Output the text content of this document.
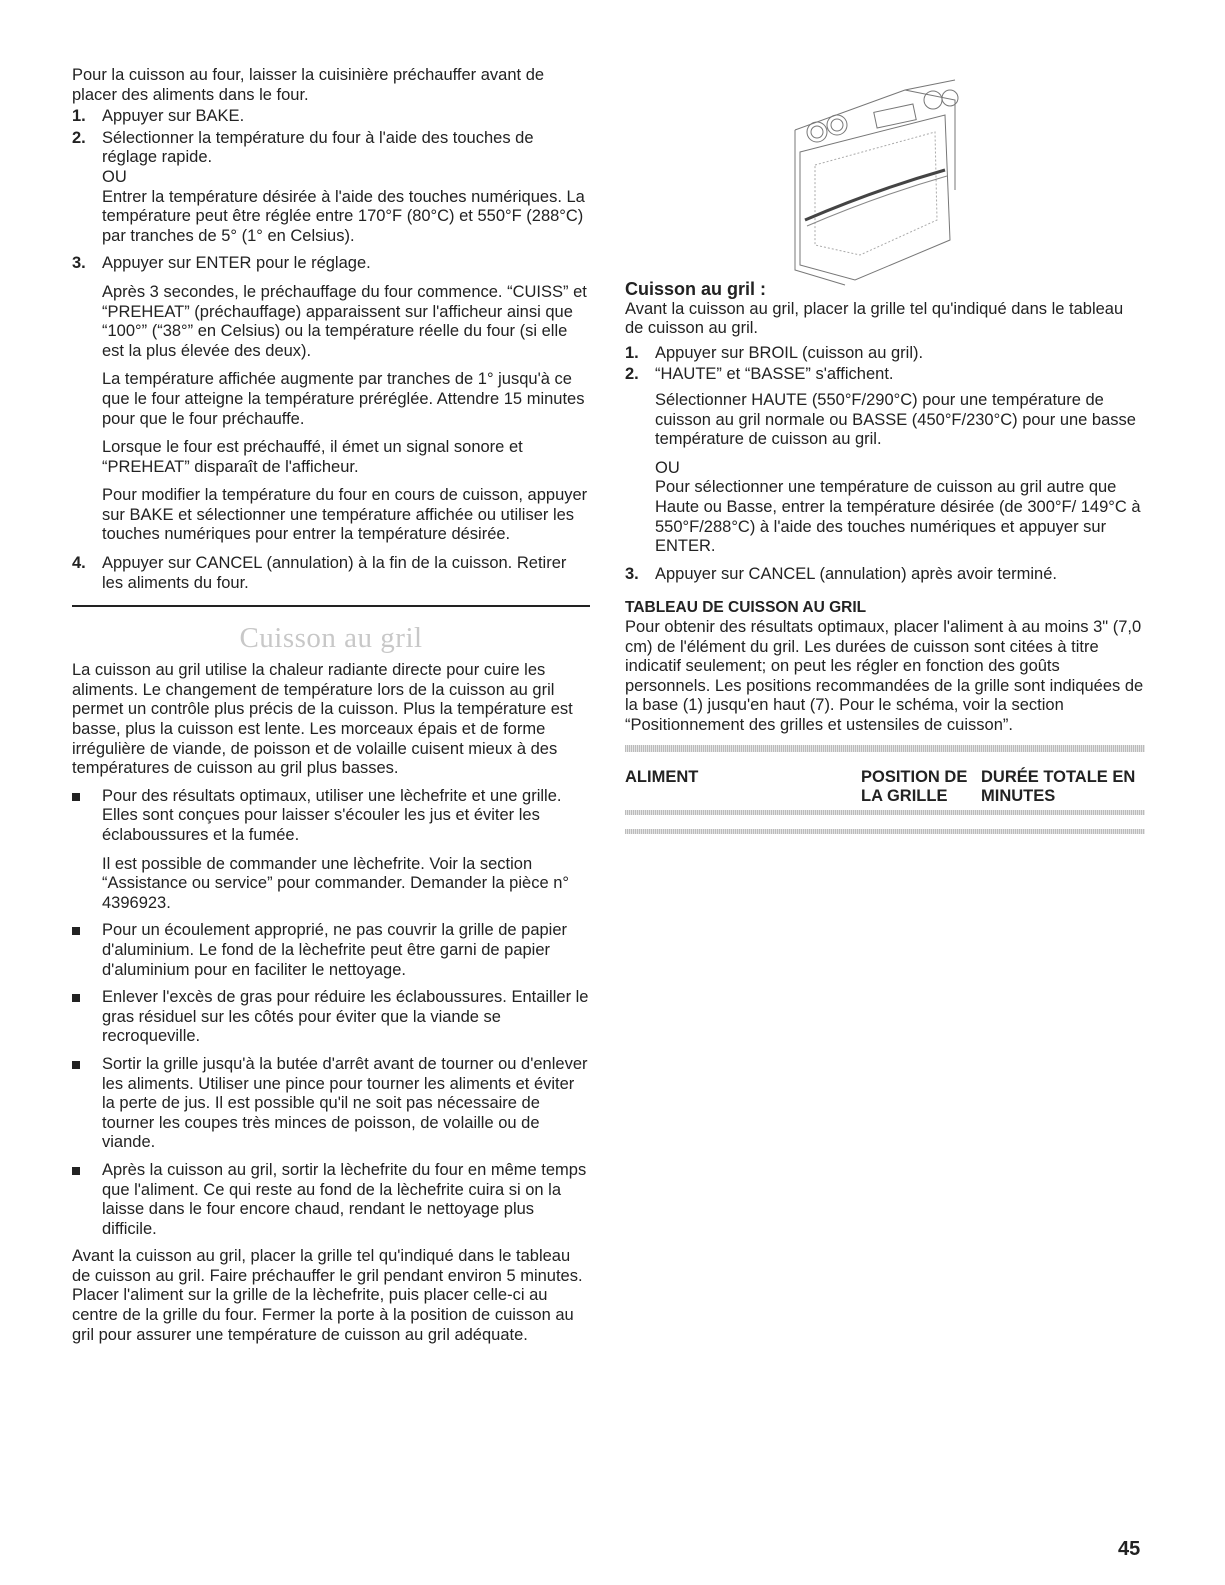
Pour la cuisson au four, laisser la cuisinière préchauffer avant de placer des aliments dans le four.

1. Appuyer sur BAKE.
2. Sélectionner la température du four à l'aide des touches de réglage rapide.

OU

Entrer la température désirée à l'aide des touches numériques. La température peut être réglée entre 170°F (80°C) et 550°F (288°C) par tranches de 5° (1° en Celsius).

3. Appuyer sur ENTER pour le réglage.

Après 3 secondes, le préchauffage du four commence. “CUISS” et “PREHEAT” (préchauffage) apparaissent sur l'afficheur ainsi que “100°” (“38°” en Celsius) ou la température réelle du four (si elle est la plus élevée des deux).

La température affichée augmente par tranches de 1° jusqu'à ce que le four atteigne la température préréglée. Attendre 15 minutes pour que le four préchauffe.

Lorsque le four est préchauffé, il émet un signal sonore et “PREHEAT” disparaît de l'afficheur.

Pour modifier la température du four en cours de cuisson, appuyer sur BAKE et sélectionner une température affichée ou utiliser les touches numériques pour entrer la température désirée.

4. Appuyer sur CANCEL (annulation) à la fin de la cuisson. Retirer les aliments du four.
Cuisson au gril

La cuisson au gril utilise la chaleur radiante directe pour cuire les aliments. Le changement de température lors de la cuisson au gril permet un contrôle plus précis de la cuisson. Plus la température est basse, plus la cuisson est lente. Les morceaux épais et de forme irrégulière de viande, de poisson et de volaille cuisent mieux à des températures de cuisson au gril plus basses.

Pour des résultats optimaux, utiliser une lèchefrite et une grille. Elles sont conçues pour laisser s'écouler les jus et éviter les éclaboussures et la fumée.

Il est possible de commander une lèchefrite. Voir la section “Assistance ou service” pour commander. Demander la pièce n° 4396923.

Pour un écoulement approprié, ne pas couvrir la grille de papier d'aluminium. Le fond de la lèchefrite peut être garni de papier d'aluminium pour en faciliter le nettoyage.
Enlever l'excès de gras pour réduire les éclaboussures. Entailler le gras résiduel sur les côtés pour éviter que la viande se recroqueville.
Sortir la grille jusqu'à la butée d'arrêt avant de tourner ou d'enlever les aliments. Utiliser une pince pour tourner les aliments et éviter la perte de jus. Il est possible qu'il ne soit pas nécessaire de tourner les coupes très minces de poisson, de volaille ou de viande.
Après la cuisson au gril, sortir la lèchefrite du four en même temps que l'aliment. Ce qui reste au fond de la lèchefrite cuira si on la laisse dans le four encore chaud, rendant le nettoyage plus difficile.

Avant la cuisson au gril, placer la grille tel qu'indiqué dans le tableau de cuisson au gril. Faire préchauffer le gril pendant environ 5 minutes. Placer l'aliment sur la grille de la lèchefrite, puis placer celle-ci au centre de la grille du four. Fermer la porte à la position de cuisson au gril pour assurer une température de cuisson au gril adéquate.

Cuisson au gril :

Avant la cuisson au gril, placer la grille tel qu'indiqué dans le tableau de cuisson au gril.

1. Appuyer sur BROIL (cuisson au gril).
2. “HAUTE” et “BASSE” s'affichent.

Sélectionner HAUTE (550°F/290°C) pour une température de cuisson au gril normale ou BASSE (450°F/230°C) pour une basse température de cuisson au gril.

OU

Pour sélectionner une température de cuisson au gril autre que Haute ou Basse, entrer la température désirée (de 300°F/ 149°C à 550°F/288°C) à l'aide des touches numériques et appuyer sur ENTER.

3. Appuyer sur CANCEL (annulation) après avoir terminé.

TABLEAU DE CUISSON AU GRIL

Pour obtenir des résultats optimaux, placer l'aliment à au moins 3" (7,0 cm) de l'élément du gril. Les durées de cuisson sont citées à titre indicatif seulement; on peut les régler en fonction des goûts personnels. Les positions recommandées de la grille sont indiquées de la base (1) jusqu'en haut (7). Pour le schéma, voir la section “Positionnement des grilles et ustensiles de cuisson”.

ALIMENT	POSITION DE LA GRILLE	DURÉE TOTALE EN MINUTES
45
